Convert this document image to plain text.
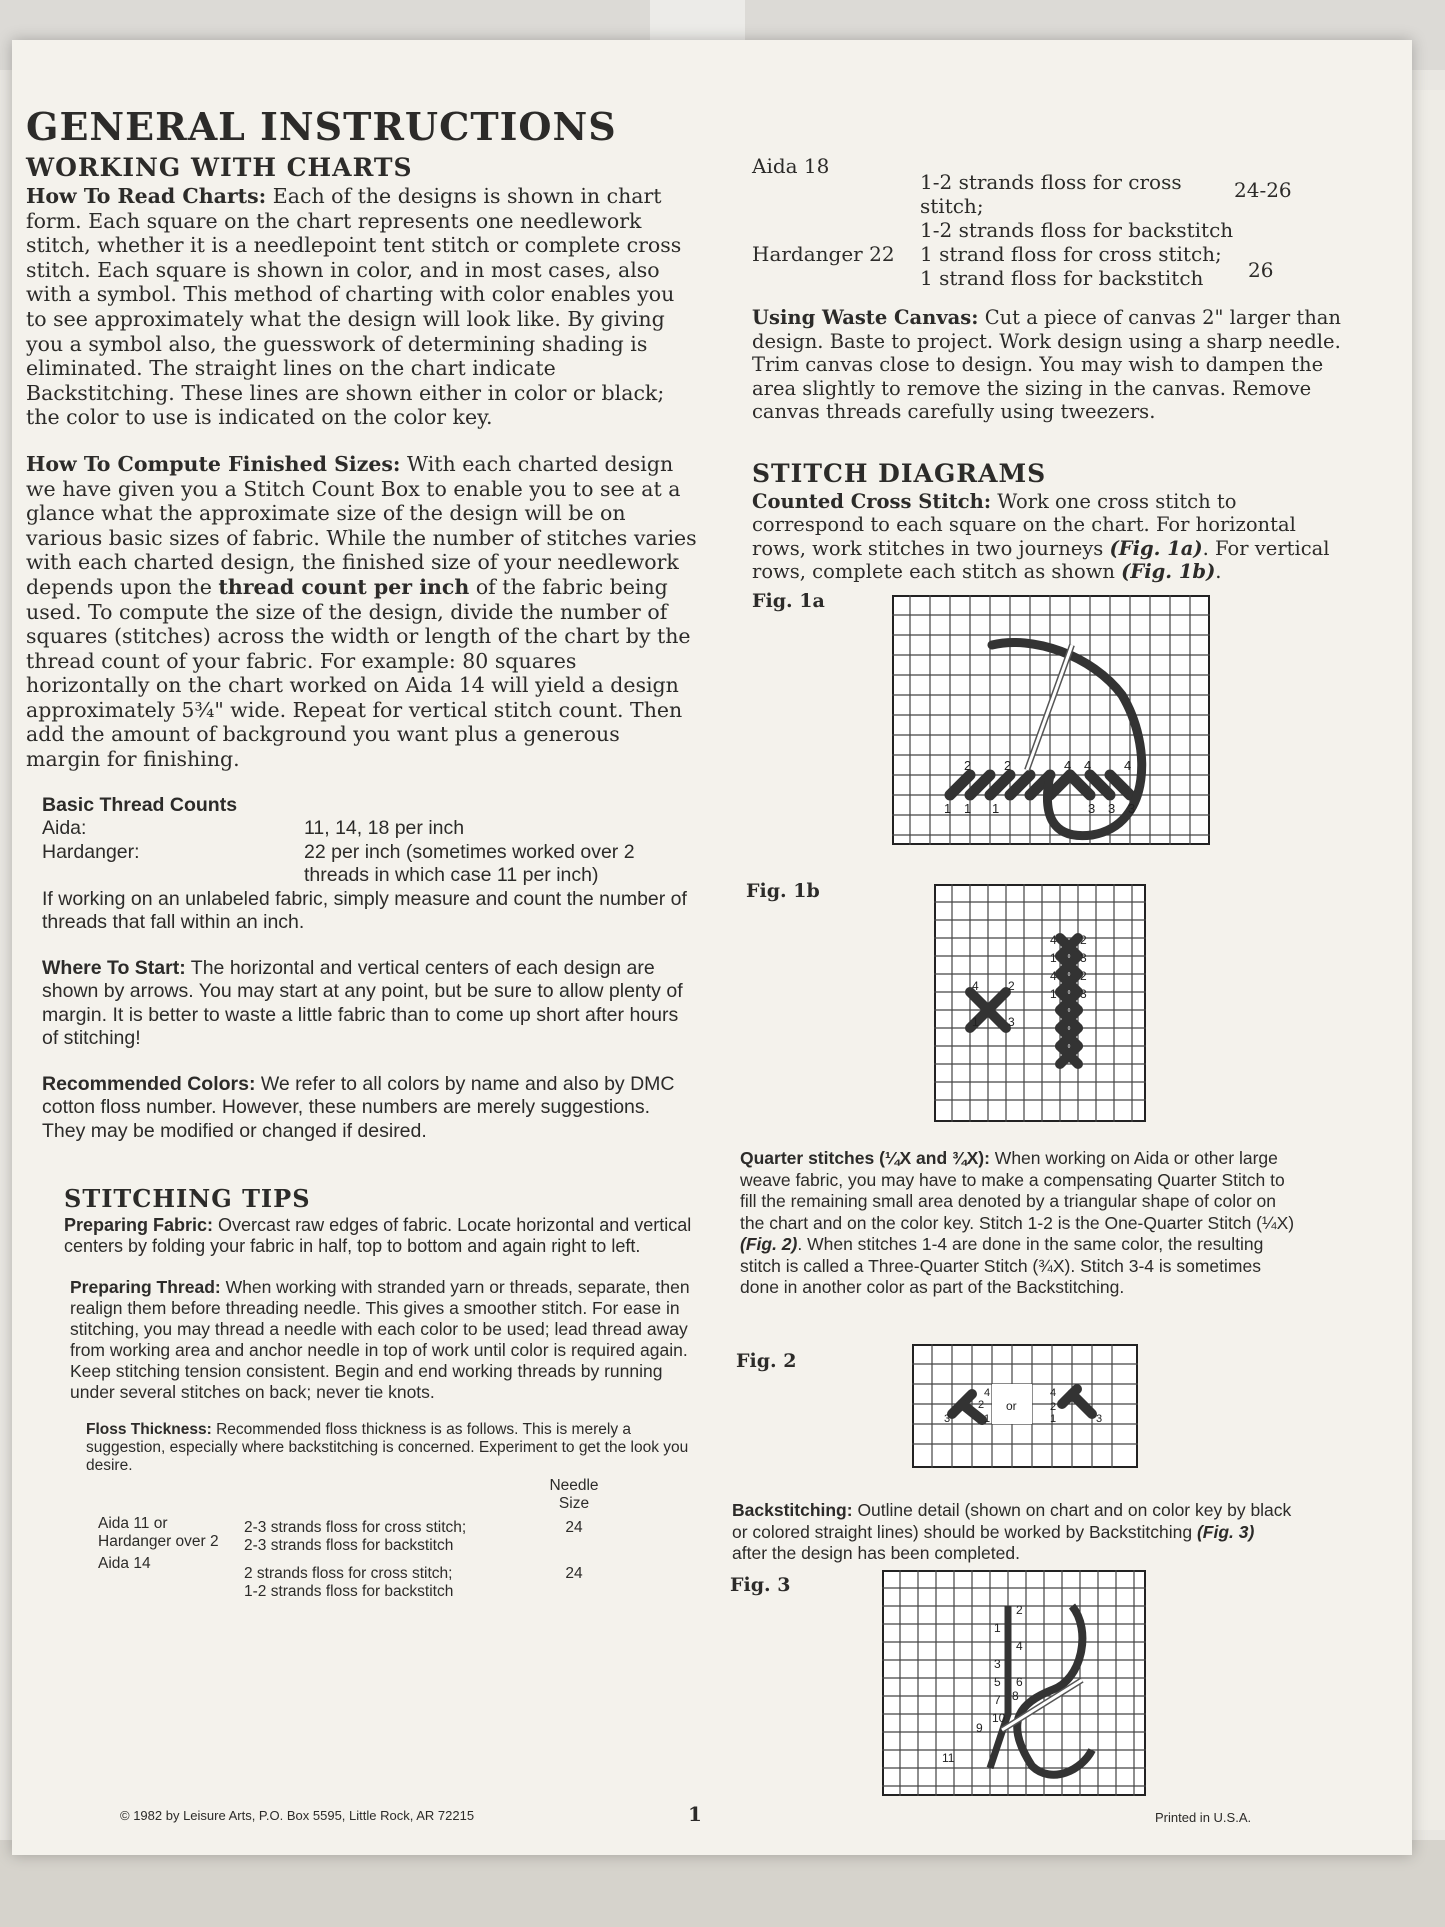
GENERAL INSTRUCTIONS
WORKING WITH CHARTS

How To Read Charts: Each of the designs is shown in chart form. Each square on the chart represents one needlework stitch, whether it is a needlepoint tent stitch or complete cross stitch. Each square is shown in color, and in most cases, also with a symbol. This method of charting with color enables you to see approximately what the design will look like. By giving you a symbol also, the guesswork of determining shading is eliminated. The straight lines on the chart indicate Backstitching. These lines are shown either in color or black; the color to use is indicated on the color key.

How To Compute Finished Sizes: With each charted design we have given you a Stitch Count Box to enable you to see at a glance what the approximate size of the design will be on various basic sizes of fabric. While the number of stitches varies with each charted design, the finished size of your needlework depends upon the thread count per inch of the fabric being used. To compute the size of the design, divide the number of squares (stitches) across the width or length of the chart by the thread count of your fabric. For example: 80 squares horizontally on the chart worked on Aida 14 will yield a design approximately 5¾" wide. Repeat for vertical stitch count. Then add the amount of background you want plus a generous margin for finishing.

Basic Thread Counts
Aida:	11, 14, 18 per inch
Hardanger:	22 per inch (sometimes worked over 2 threads in which case 11 per inch)

If working on an unlabeled fabric, simply measure and count the number of threads that fall within an inch.

Where To Start: The horizontal and vertical centers of each design are shown by arrows. You may start at any point, but be sure to allow plenty of margin. It is better to waste a little fabric than to come up short after hours of stitching!

Recommended Colors: We refer to all colors by name and also by DMC cotton floss number. However, these numbers are merely suggestions. They may be modified or changed if desired.

STITCHING TIPS

Preparing Fabric: Overcast raw edges of fabric. Locate horizontal and vertical centers by folding your fabric in half, top to bottom and again right to left.

Preparing Thread: When working with stranded yarn or threads, separate, then realign them before threading needle. This gives a smoother stitch. For ease in stitching, you may thread a needle with each color to be used; lead thread away from working area and anchor needle in top of work until color is required again. Keep stitching tension consistent. Begin and end working threads by running under several stitches on back; never tie knots.

Floss Thickness: Recommended floss thickness is as follows. This is merely a suggestion, especially where backstitching is concerned. Experiment to get the look you desire.

		Needle Size
Aida 11 or Hardanger over 2	2-3 strands floss for cross stitch;
2-3 strands floss for backstitch	24
Aida 14	2 strands floss for cross stitch;
1-2 strands floss for backstitch	24
Aida 18	1-2 strands floss for cross stitch;
1-2 strands floss for backstitch	24-26
Hardanger 22	1 strand floss for cross stitch;
1 strand floss for backstitch	26

Using Waste Canvas: Cut a piece of canvas 2" larger than design. Baste to project. Work design using a sharp needle. Trim canvas close to design. You may wish to dampen the area slightly to remove the sizing in the canvas. Remove canvas threads carefully using tweezers.

STITCH DIAGRAMS

Counted Cross Stitch: Work one cross stitch to correspond to each square on the chart. For horizontal rows, work stitches in two journeys (Fig. 1a). For vertical rows, complete each stitch as shown (Fig. 1b).

Fig. 1a
Fig. 1b
2	2	4 4	4
1 1 1	3 3 3
4 2
1 3
4 2
1 3
4 2
1 3

Quarter stitches (¼X and ¾X): When working on Aida or other large weave fabric, you may have to make a compensating Quarter Stitch to fill the remaining small area denoted by a triangular shape of color on the chart and on the color key. Stitch 1-2 is the One-Quarter Stitch (¼X) (Fig. 2). When stitches 1-4 are done in the same color, the resulting stitch is called a Three-Quarter Stitch (¾X). Stitch 3-4 is sometimes done in another color as part of the Backstitching.

Fig. 2
3
4
2
1
or
4
2
1	3

Backstitching: Outline detail (shown on chart and on color key by black or colored straight lines) should be worked by Backstitching (Fig. 3) after the design has been completed.

Fig. 3
2
1
4
3
6
5
8
7
10
9
11
© 1982 by Leisure Arts, P.O. Box 5595, Little Rock, AR 72215	1	Printed in U.S.A.
